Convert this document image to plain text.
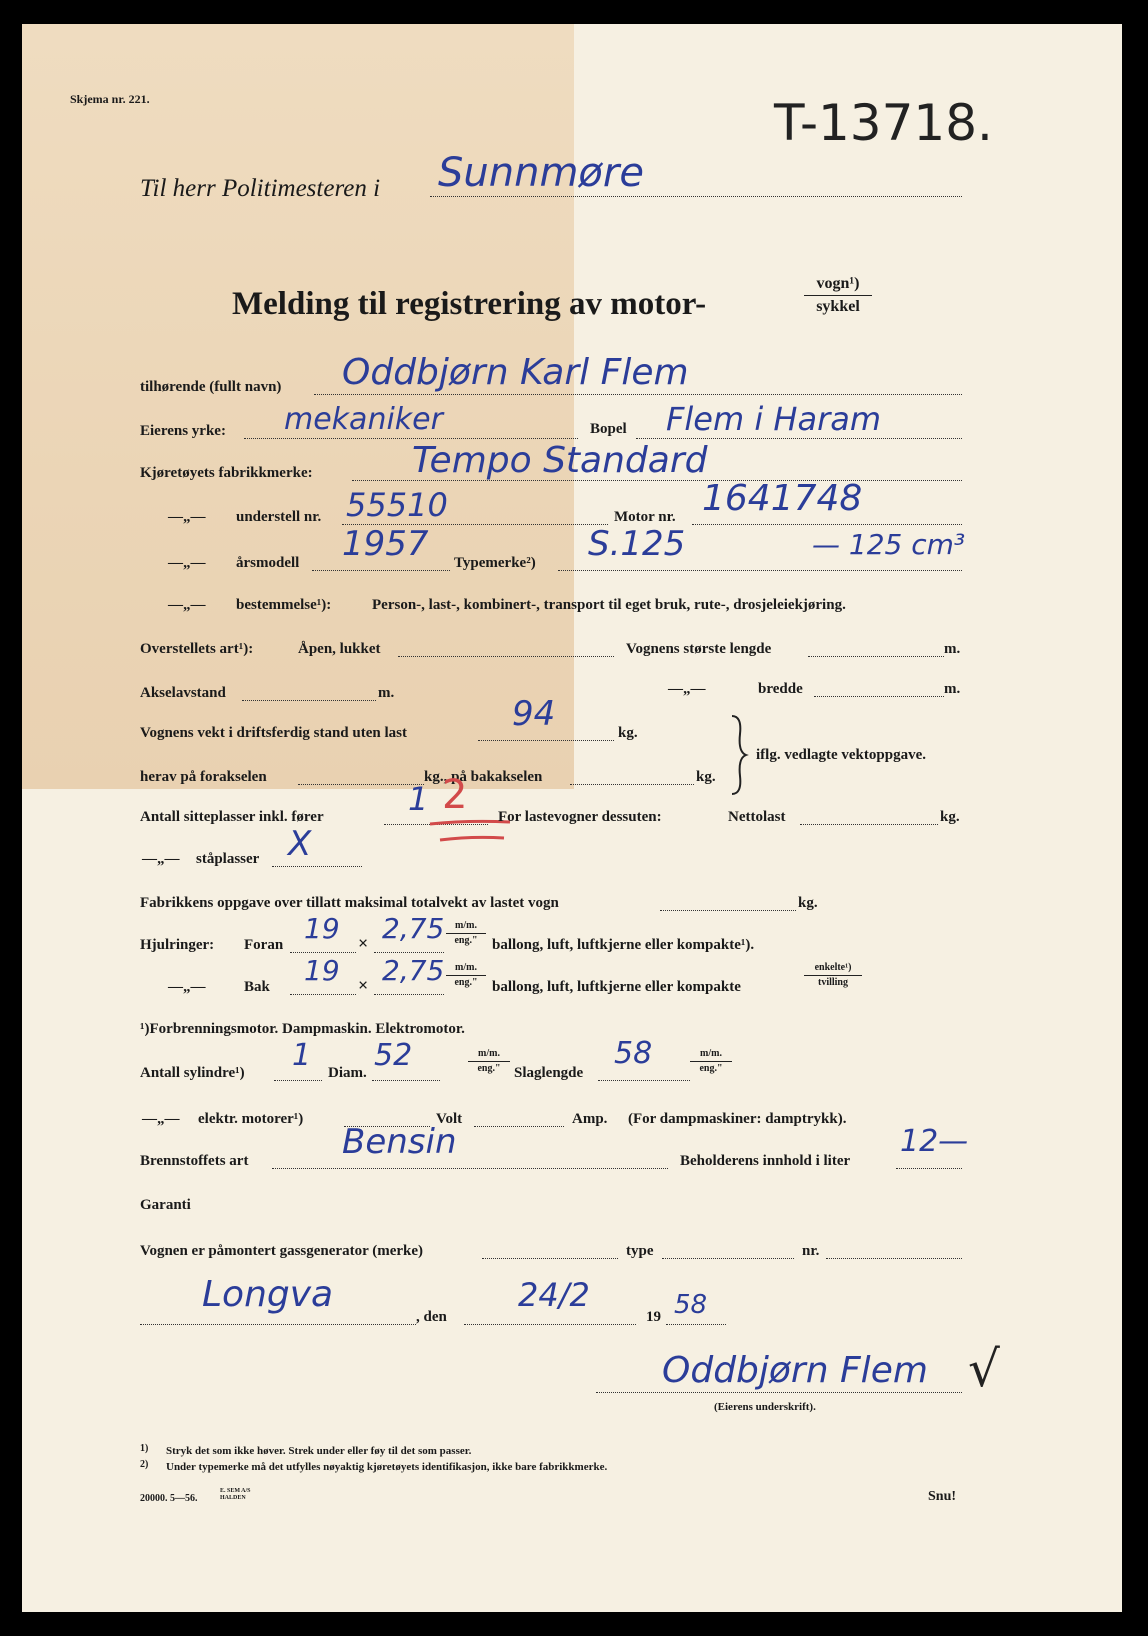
Skjema nr. 221.	T-13718.
Til herr Politimesteren i Sunnmøre
Melding til registrering av motor-
vogn¹)
sykkel
tilhørende (fullt navn) Oddbjørn Karl Flem
Eierens yrke: mekaniker	Bopel Flem i Haram
Kjøretøyets fabrikkmerke:	Tempo Standard
—„— understell nr. 55510	Motor nr. 1641748
—„— årsmodell 1957 Typemerke²) S.125	— 125 cm³
—„— bestemmelse¹):	Person-, last-, kombinert-, transport til eget bruk, rute-, drosjeleiekjøring.
Overstellets art¹):	Åpen, lukket	Vognens største lengde	m.
Akselavstand	m.	—„—	bredde	m.
Vognens vekt i driftsferdig stand uten last	94	kg.
herav på forakselen	kg., på bakakselen	kg.
iflg. vedlagte vektoppgave.
Antall sitteplasser inkl. fører	1 2 For lastevogner dessuten:	Nettolast	kg.
—„— ståplasser X
Fabrikkens oppgave over tillatt maksimal totalvekt av lastet vogn	kg.
Hjulringer: Foran 19 × 2,75	m/m.
eng." ballong, luft, luftkjerne eller kompakte¹).
—„—	Bak 19 × 2,75	m/m.
eng." ballong, luft, luftkjerne eller kompakte
enkelte¹)
tvilling
¹)Forbrenningsmotor. Dampmaskin. Elektromotor.
Antall sylindre¹) 1 Diam. 52	m/m.
eng." Slaglengde
58	m/m.
eng."
—„— elektr. motorer¹)	Volt	Amp. (For dampmaskiner: damptrykk).
Brennstoffets art	Bensin	Beholderens innhold i liter
12—
Garanti
Vognen er påmontert gassgenerator (merke)	type	nr.
Longva
, den
24/2
19 58
Oddbjørn Flem √
(Eierens underskrift).
1) Stryk det som ikke høver. Strek under eller føy til det som passer.
2) Under typemerke må det utfylles nøyaktig kjøretøyets identifikasjon, ikke bare fabrikkmerke.
20000. 5—56.
E. SEM A/S HALDEN	Snu!
